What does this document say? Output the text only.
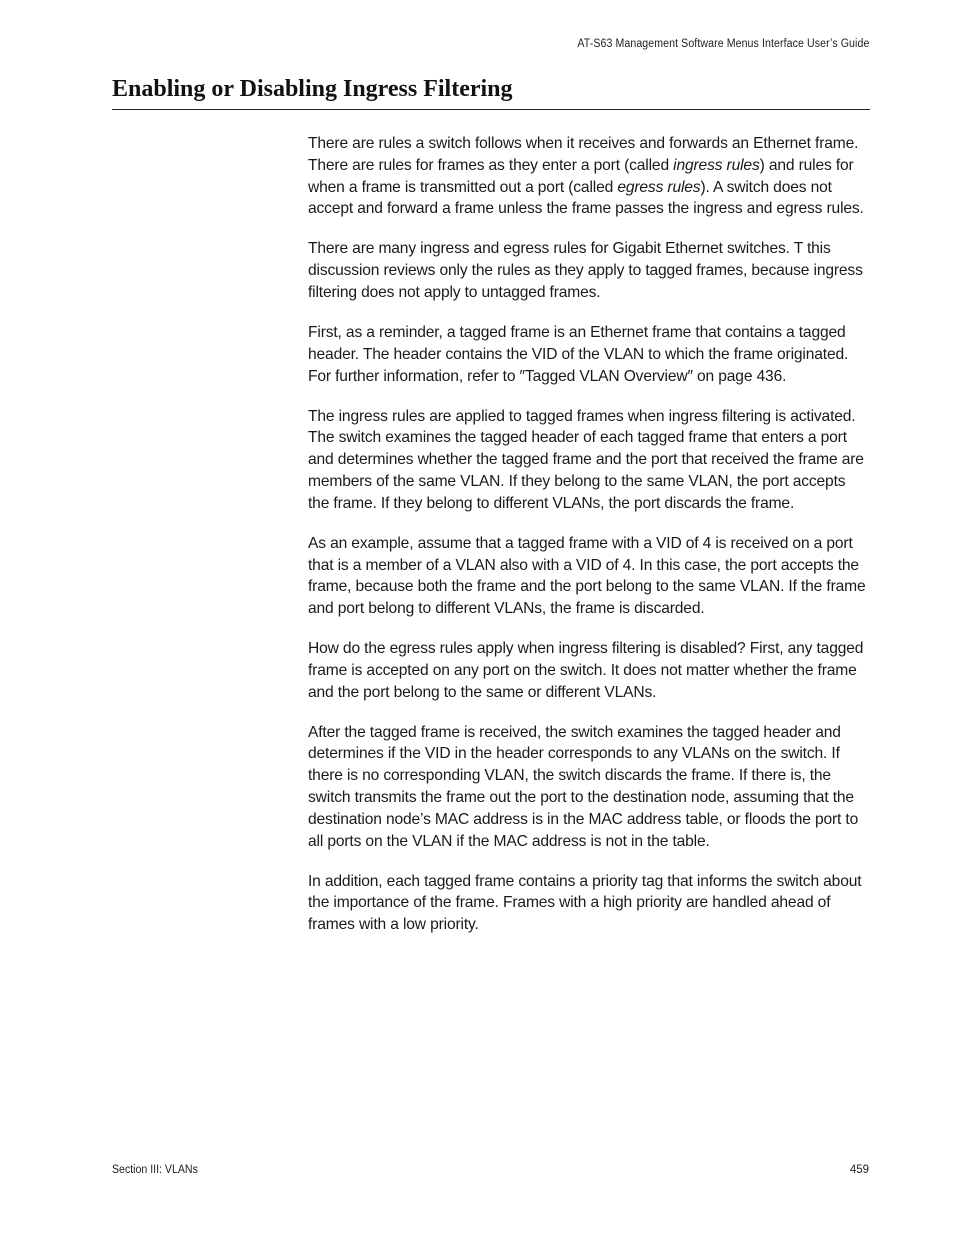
AT-S63 Management Software Menus Interface User’s Guide
Enabling or Disabling Ingress Filtering

There are rules a switch follows when it receives and forwards an Ethernet frame. There are rules for frames as they enter a port (called ingress rules) and rules for when a frame is transmitted out a port (called egress rules). A switch does not accept and forward a frame unless the frame passes the ingress and egress rules.

There are many ingress and egress rules for Gigabit Ethernet switches. T this discussion reviews only the rules as they apply to tagged frames, because ingress filtering does not apply to untagged frames.

First, as a reminder, a tagged frame is an Ethernet frame that contains a tagged header. The header contains the VID of the VLAN to which the frame originated. For further information, refer to ″Tagged VLAN Overview″ on page 436.

The ingress rules are applied to tagged frames when ingress filtering is activated. The switch examines the tagged header of each tagged frame that enters a port and determines whether the tagged frame and the port that received the frame are members of the same VLAN. If they belong to the same VLAN, the port accepts the frame. If they belong to different VLANs, the port discards the frame.

As an example, assume that a tagged frame with a VID of 4 is received on a port that is a member of a VLAN also with a VID of 4. In this case, the port accepts the frame, because both the frame and the port belong to the same VLAN. If the frame and port belong to different VLANs, the frame is discarded.

How do the egress rules apply when ingress filtering is disabled? First, any tagged frame is accepted on any port on the switch. It does not matter whether the frame and the port belong to the same or different VLANs.

After the tagged frame is received, the switch examines the tagged header and determines if the VID in the header corresponds to any VLANs on the switch. If there is no corresponding VLAN, the switch discards the frame. If there is, the switch transmits the frame out the port to the destination node, assuming that the destination node’s MAC address is in the MAC address table, or floods the port to all ports on the VLAN if the MAC address is not in the table.

In addition, each tagged frame contains a priority tag that informs the switch about the importance of the frame. Frames with a high priority are handled ahead of frames with a low priority.

Section III: VLANs	459
